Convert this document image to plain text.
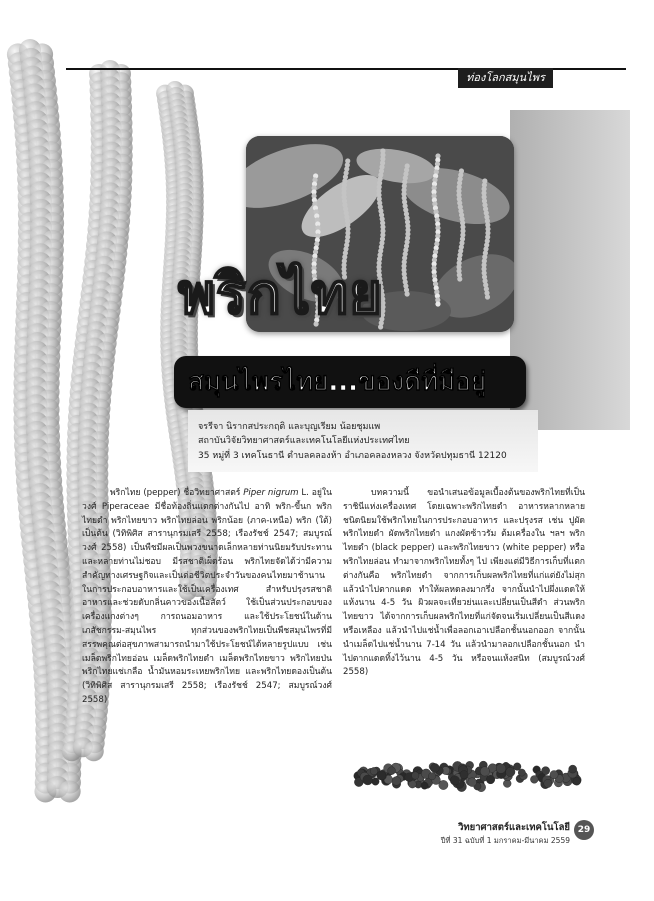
ท่องโลกสมุนไพร
พริกไทย
สมุนไพรไทย...ของดีที่มีอยู่
จรรีจา นิรากสประกฤติ และบุญเรียม น้อยชุมแพ
สถาบันวิจัยวิทยาศาสตร์และเทคโนโลยีแห่งประเทศไทย
35 หมู่ที่ 3 เทคโนธานี ตำบลคลองห้า อำเภอคลองหลวง จังหวัดปทุมธานี 12120

พริกไทย (pepper) ชื่อวิทยาศาสตร์ Piper nigrum L. อยู่ในวงศ์ Piperaceae มีชื่อท้องถิ่นแตกต่างกันไป อาทิ พริก-ขี้นก พริกไทยดำ พริกไทยขาว พริกไทยล่อน พริกน้อย (ภาค-เหนือ) พริก (ใต้) เป็นต้น (วิทิพิศิส สารานุกรมเสรี 2558; เรืองรัชช์ 2547; สมบูรณ์วงศ์ 2558) เป็นพืชมีผลเป็นพวงขนาดเล็กหลายท่านนิยมรับประทานและหลายท่านไม่ชอบ มีรสชาติเผ็ดร้อน พริกไทยจัดได้ว่ามีความสำคัญทางเศรษฐกิจและเป็นต่อชีวิตประจำวันของคนไทยมาช้านาน ในการประกอบอาหารและใช้เป็นเครื่องเทศ สำหรับปรุงรสชาติอาหารและช่วยดับกลิ่นคาวของเนื้อสัตว์ ใช้เป็นส่วนประกอบของเครื่องแกงต่างๆ การถนอมอาหาร และใช้ประโยชน์ในด้านเภสัชกรรม-สมุนไพร ทุกส่วนของพริกไทยเป็นพืชสมุนไพรที่มีสรรพคุณต่อสุขภาพสามารถนำมาใช้ประโยชน์ได้หลายรูปแบบ เช่น เมล็ดพริกไทยอ่อน เมล็ดพริกไทยดำ เมล็ดพริกไทยขาว พริกไทยป่น พริกไทยแช่เกลือ น้ำมันหอมระเหยพริกไทย และพริกไทยดองเป็นต้น (วิทิพิศิส สารานุกรมเสรี 2558; เรืองรัชช์ 2547; สมบูรณ์วงศ์ 2558)

บทความนี้ ขอนำเสนอข้อมูลเบื้องต้นของพริกไทยที่เป็นราชินีแห่งเครื่องเทศ โดยเฉพาะพริกไทยดำ อาหารหลากหลายชนิดนิยมใช้พริกไทยในการประกอบอาหาร และปรุงรส เช่น ปูผัดพริกไทยดำ ผัดพริกไทยดำ แกงผัดซ้าวรัม ต้มเครื่องใน ฯลฯ พริกไทยดำ (black pepper) และพริกไทยขาว (white pepper) หรือพริกไทยล่อน ทำมาจากพริกไทยทั้งๆ ไป เพียงแต่มีวิธีการเก็บที่แตกต่างกันคือ พริกไทยดำ จากการเก็บผลพริกไทยที่แก่แต่ยังไม่สุก แล้วนำไปตากแดด ทำให้ผลหดลงมากรึ่ง จากนั้นนำไปผึ่งแดดให้แห้งนาน 4-5 วัน ผิวผลจะเหี่ยวย่นและเปลี่ยนเป็นสีดำ ส่วนพริกไทยขาว ได้จากการเก็บผลพริกไทยที่แก่จัดจนเริ่มเปลี่ยนเป็นสีแดงหรือเหลือง แล้วนำไปแช่น้ำเพื่อลอกเอาเปลือกชั้นนอกออก จากนั้นนำเมล็ดไปแช่น้ำนาน 7-14 วัน แล้วนำมาลอกเปลือกชั้นนอก นำไปตากแดดทิ้งไว้นาน 4-5 วัน หรือจนแห้งสนิท (สมบูรณ์วงศ์ 2558)

วิทยาศาสตร์และเทคโนโลยี
ปีที่ 31 ฉบับที่ 1 มกราคม-มีนาคม 2559
29
